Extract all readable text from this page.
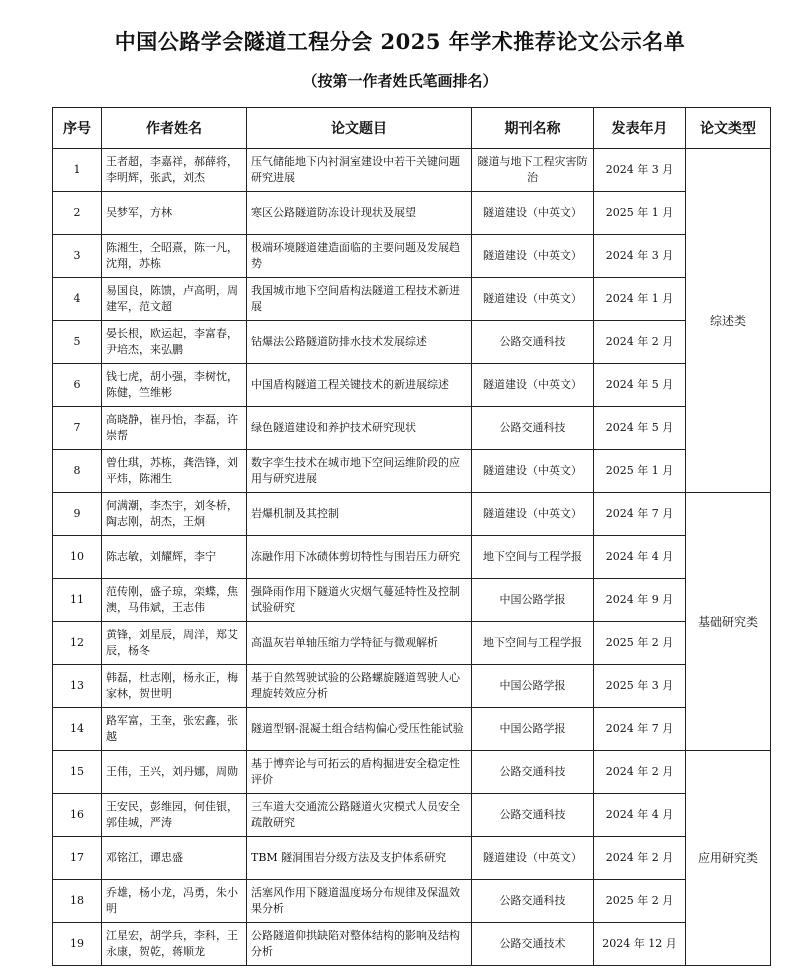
中国公路学会隧道工程分会 2025 年学术推荐论文公示名单
（按第一作者姓氏笔画排名）
序号	作者姓名	论文题目	期刊名称	发表年月	论文类型
1	王者超，李嘉祥，郝薛将，李明辉，张武，刘杰	压气储能地下内衬洞室建设中若干关键问题研究进展	隧道与地下工程灾害防治	2024 年 3 月	综述类
2	吴梦军，方林	寒区公路隧道防冻设计现状及展望	隧道建设（中英文）	2025 年 1 月	
3	陈湘生，仝昭熹，陈一凡，沈翔，苏栋	极端环境隧道建造面临的主要问题及发展趋势	隧道建设（中英文）	2024 年 3 月	
4	易国良，陈馈，卢高明，周建军，范文超	我国城市地下空间盾构法隧道工程技术新进展	隧道建设（中英文）	2024 年 1 月	
5	晏长根，欧运起，李富春，尹培杰，来弘鹏	钻爆法公路隧道防排水技术发展综述	公路交通科技	2024 年 2 月	
6	钱七虎，胡小强，李树忱，陈健，竺维彬	中国盾构隧道工程关键技术的新进展综述	隧道建设（中英文）	2024 年 5 月	
7	高晓静，崔丹怡，李磊，许崇帮	绿色隧道建设和养护技术研究现状	公路交通科技	2024 年 5 月	
8	曾仕琪，苏栋，龚浩锋，刘平炜，陈湘生	数字孪生技术在城市地下空间运维阶段的应用与研究进展	隧道建设（中英文）	2025 年 1 月	
9	何满潮，李杰宇，刘冬桥，陶志刚，胡杰，王炯	岩爆机制及其控制	隧道建设（中英文）	2024 年 7 月	基础研究类
10	陈志敏，刘耀辉，李宁	冻融作用下冰碛体剪切特性与围岩压力研究	地下空间与工程学报	2024 年 4 月	
11	范传刚，盛子琼，栾蝶，焦澳，马伟斌，王志伟	强降雨作用下隧道火灾烟气蔓延特性及控制试验研究	中国公路学报	2024 年 9 月	
12	黄锋，刘星辰，周洋，郑艾辰，杨冬	高温灰岩单轴压缩力学特征与微观解析	地下空间与工程学报	2025 年 2 月	
13	韩磊，杜志刚，杨永正，梅家林，贺世明	基于自然驾驶试验的公路螺旋隧道驾驶人心理旋转效应分析	中国公路学报	2025 年 3 月	
14	路军富，王奎，张宏鑫，张越	隧道型钢-混凝土组合结构偏心受压性能试验	中国公路学报	2024 年 7 月	
15	王伟，王兴，刘丹娜，周勋	基于博弈论与可拓云的盾构掘进安全稳定性评价	公路交通科技	2024 年 2 月	应用研究类
16	王安民，彭维园，何佳银，郭佳城，严涛	三车道大交通流公路隧道火灾模式人员安全疏散研究	公路交通科技	2024 年 4 月	
17	邓铭江，谭忠盛	TBM 隧洞围岩分级方法及支护体系研究	隧道建设（中英文）	2024 年 2 月	
18	乔雄，杨小龙，冯勇，朱小明	活塞风作用下隧道温度场分布规律及保温效果分析	公路交通科技	2025 年 2 月	
19	江星宏，胡学兵，李科，王永康，贺乾，蒋顺龙	公路隧道仰拱缺陷对整体结构的影响及结构分析	公路交通技术	2024 年 12 月	
